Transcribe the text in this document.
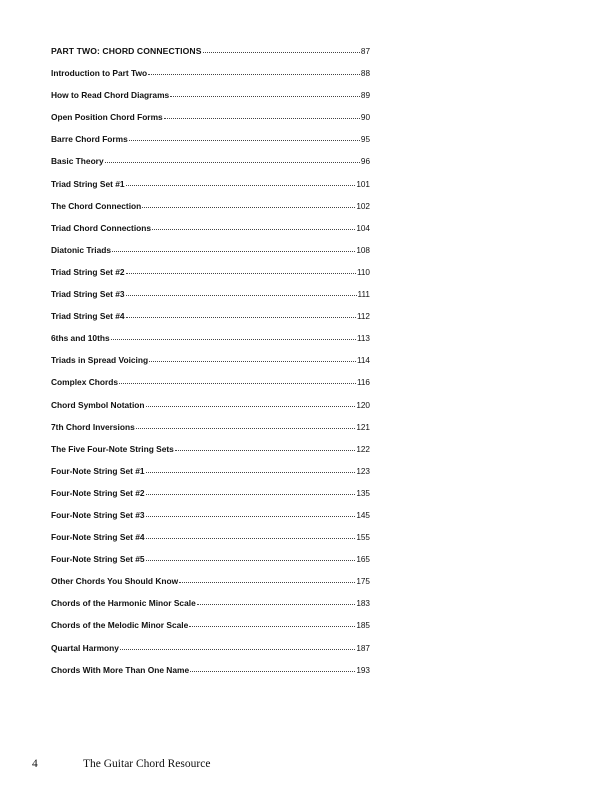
PART TWO: CHORD CONNECTIONS	87
Introduction to Part Two	88
How to Read Chord Diagrams	89
Open Position Chord Forms	90
Barre Chord Forms	95
Basic Theory	96
Triad String Set #1	101
The Chord Connection	102
Triad Chord Connections	104
Diatonic Triads	108
Triad String Set #2	110
Triad String Set #3	111
Triad String Set #4	112
6ths and 10ths	113
Triads in Spread Voicing	114
Complex Chords	116
Chord Symbol Notation	120
7th Chord Inversions	121
The Five Four-Note String Sets	122
Four-Note String Set #1	123
Four-Note String Set #2	135
Four-Note String Set #3	145
Four-Note String Set #4	155
Four-Note String Set #5	165
Other Chords You Should Know	175
Chords of the Harmonic Minor Scale	183
Chords of the Melodic Minor Scale	185
Quartal Harmony	187
Chords With More Than One Name	193
4	The Guitar Chord Resource
